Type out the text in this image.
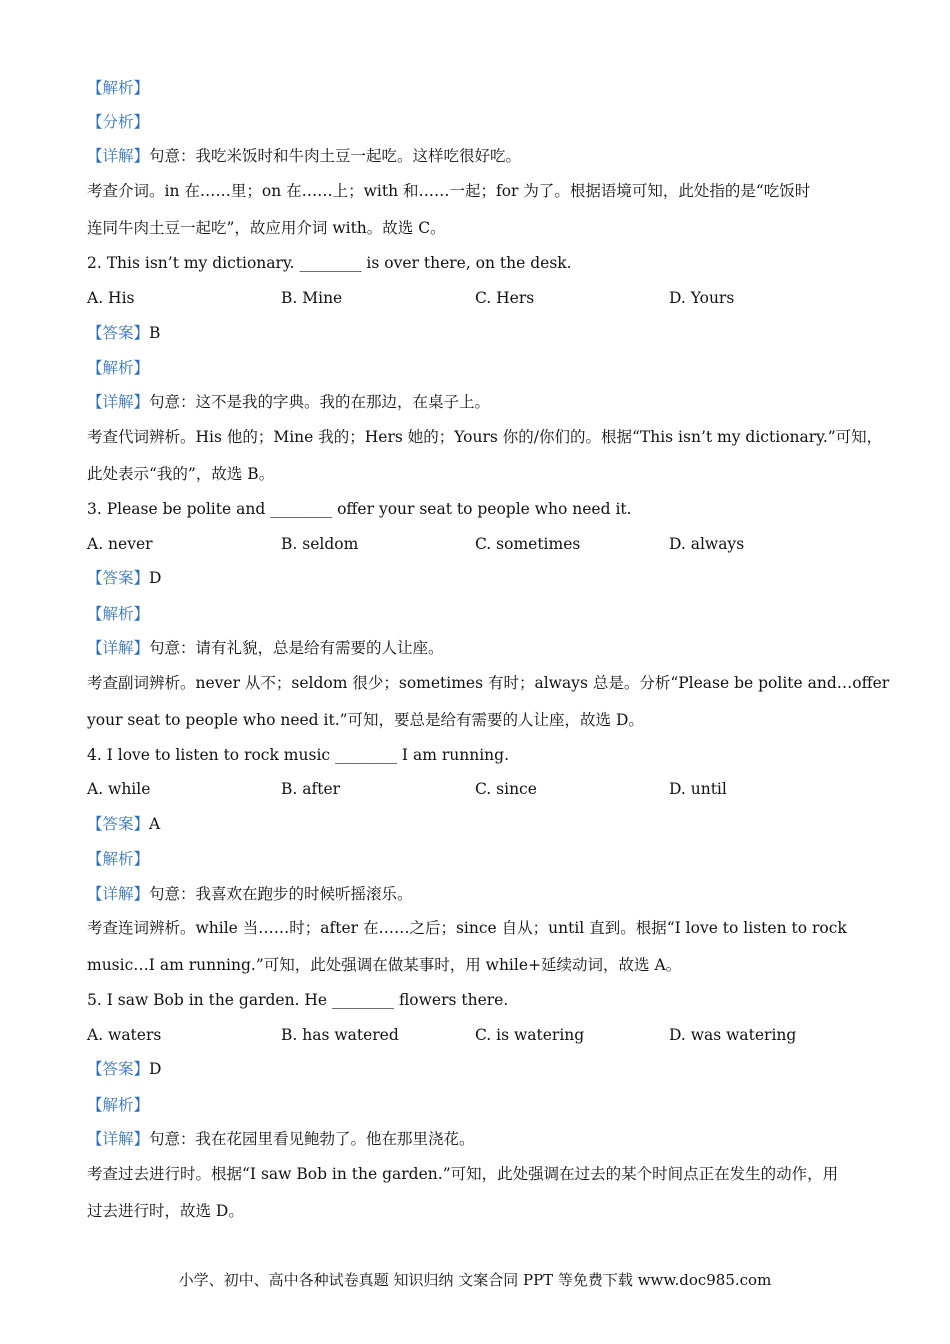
小学、初中、高中各种试卷真题 知识归纳 文案合同 PPT 等免费下载 www.doc985.com
【解析】
【分析】
【详解】句意：我吃米饭时和牛肉土豆一起吃。这样吃很好吃。
考查介词。in 在……里；on 在……上；with 和……一起；for 为了。根据语境可知，此处指的是“吃饭时
连同牛肉土豆一起吃”，故应用介词 with。故选 C。
2. This isn’t my dictionary. ________ is over there, on the desk.
A. His	B. Mine	C. Hers	D. Yours
【答案】B
【解析】
【详解】句意：这不是我的字典。我的在那边，在桌子上。
考查代词辨析。His 他的；Mine 我的；Hers 她的；Yours 你的/你们的。根据“This isn’t my dictionary.”可知，
此处表示“我的”，故选 B。
3. Please be polite and ________ offer your seat to people who need it.
A. never	B. seldom	C. sometimes	D. always
【答案】D
【解析】
【详解】句意：请有礼貌，总是给有需要的人让座。
考查副词辨析。never 从不；seldom 很少；sometimes 有时；always 总是。分析“Please be polite and…offer
your seat to people who need it.”可知，要总是给有需要的人让座，故选 D。
4. I love to listen to rock music ________ I am running.
A. while	B. after	C. since	D. until
【答案】A
【解析】
【详解】句意：我喜欢在跑步的时候听摇滚乐。
考查连词辨析。while 当……时；after 在……之后；since 自从；until 直到。根据“I love to listen to rock
music…I am running.”可知，此处强调在做某事时，用 while+延续动词，故选 A。
5. I saw Bob in the garden. He ________ flowers there.
A. waters	B. has watered	C. is watering	D. was watering
【答案】D
【解析】
【详解】句意：我在花园里看见鲍勃了。他在那里浇花。
考查过去进行时。根据“I saw Bob in the garden.”可知，此处强调在过去的某个时间点正在发生的动作，用
过去进行时，故选 D。
